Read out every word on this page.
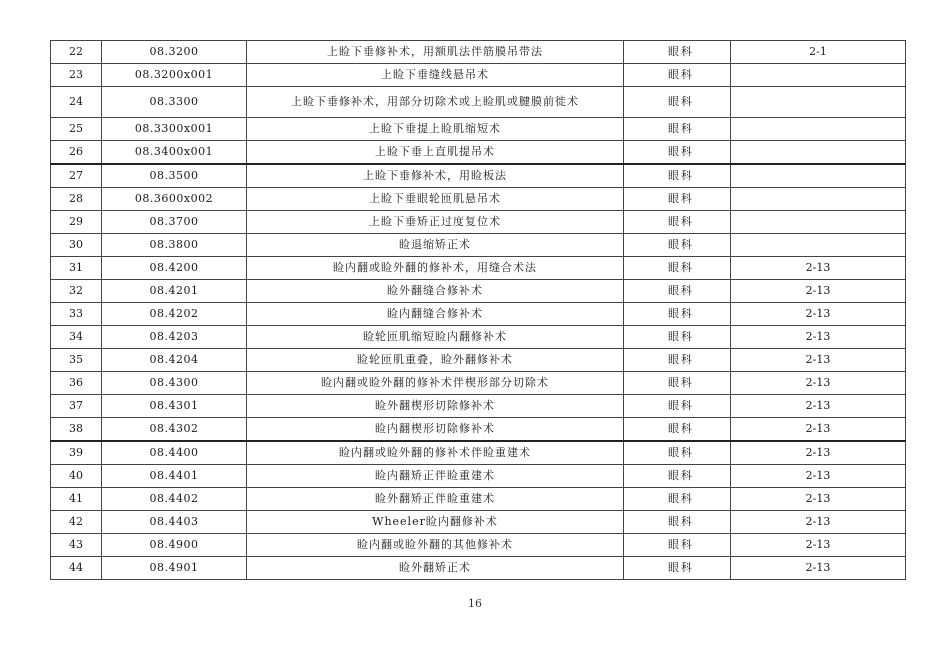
22	08.3200	上睑下垂修补术，用额肌法伴筋膜吊带法	眼科	2-1
23	08.3200x001	上睑下垂缝线悬吊术	眼科	
24	08.3300	上睑下垂修补术，用部分切除术或上睑肌或腱膜前徙术	眼科	
25	08.3300x001	上睑下垂提上睑肌缩短术	眼科	
26	08.3400x001	上睑下垂上直肌提吊术	眼科	
27	08.3500	上睑下垂修补术，用睑板法	眼科	
28	08.3600x002	上睑下垂眼轮匝肌悬吊术	眼科	
29	08.3700	上睑下垂矫正过度复位术	眼科	
30	08.3800	睑退缩矫正术	眼科	
31	08.4200	睑内翻或睑外翻的修补术，用缝合术法	眼科	2-13
32	08.4201	睑外翻缝合修补术	眼科	2-13
33	08.4202	睑内翻缝合修补术	眼科	2-13
34	08.4203	睑轮匝肌缩短睑内翻修补术	眼科	2-13
35	08.4204	睑轮匝肌重叠，睑外翻修补术	眼科	2-13
36	08.4300	睑内翻或睑外翻的修补术伴楔形部分切除术	眼科	2-13
37	08.4301	睑外翻楔形切除修补术	眼科	2-13
38	08.4302	睑内翻楔形切除修补术	眼科	2-13
39	08.4400	睑内翻或睑外翻的修补术伴睑重建术	眼科	2-13
40	08.4401	睑内翻矫正伴睑重建术	眼科	2-13
41	08.4402	睑外翻矫正伴睑重建术	眼科	2-13
42	08.4403	Wheeler睑内翻修补术	眼科	2-13
43	08.4900	睑内翻或睑外翻的其他修补术	眼科	2-13
44	08.4901	睑外翻矫正术	眼科	2-13
16
